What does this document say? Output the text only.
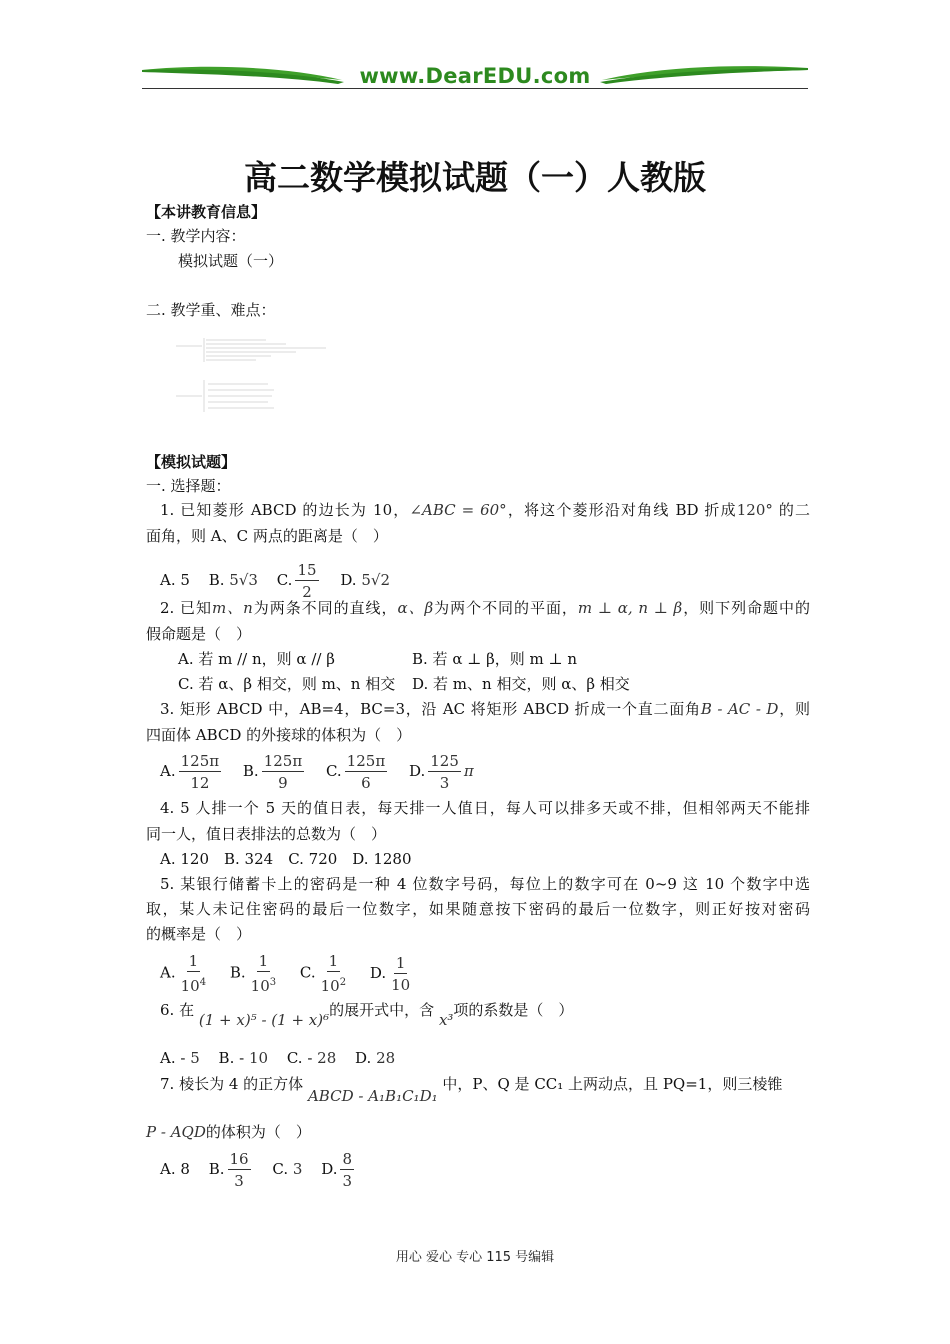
www.DearEDU.com
高二数学模拟试题（一）人教版
【本讲教育信息】
一. 教学内容：
模拟试题（一）
二. 教学重、难点：
【模拟试题】
一. 选择题：
1. 已知菱形 ABCD 的边长为 10，∠ABC = 60°，将这个菱形沿对角线 BD 折成120° 的二
面角，则 A、C 两点的距离是（　）
A. 5 B. 5√3 C. $\frac{15}{2} D$. 5√2
2. 已知m、n为两条不同的直线，α、β为两个不同的平面，m ⊥ α, n ⊥ β，则下列命题中的
假命题是（　）
A. 若 m // n，则 α // β	B. 若 α ⊥ β，则 m ⊥ n
C. 若 α、β 相交，则 m、n 相交 D. 若 m、n 相交，则 α、β 相交
3. 矩形 ABCD 中，AB=4，BC=3，沿 AC 将矩形 ABCD 折成一个直二面角B - AC - D，则
四面体 ABCD 的外接球的体积为（　）
A. $\frac{125\pi}{12} B$. $\frac{125\pi}{9} C$. $\frac{125\pi}{6} D$. $\frac{125}{3}$ π
4. 5 人排一个 5 天的值日表，每天排一人值日，每人可以排多天或不排，但相邻两天不能排
同一人，值日表排法的总数为（　）
A. 120　B. 324　C. 720　D. 1280
5. 某银行储蓄卡上的密码是一种 4 位数字号码，每位上的数字可在 0~9 这 10 个数字中选
取，某人未记住密码的最后一位数字，如果随意按下密码的最后一位数字，则正好按对密码
的概率是（　）
A. $\frac{1}{10^4} B$. $\frac{1}{10^3} C$. $\frac{1}{10^2} D$. $\frac{1}{10}$
6. 在 (1 + x)⁵ - (1 + x)⁶的展开式中，含 x³项的系数是（　）
A. - 5 B. - 10 C. - 28 D. 28
7. 棱长为 4 的正方体 ABCD - A₁B₁C₁D₁ 中，P、Q 是 CC₁ 上两动点，且 PQ=1，则三棱锥
P - AQD的体积为（　）
A. 8 B. $\frac{16}{3} C$. 3 D. $\frac{8}{3}$
用心 爱心 专心 115 号编辑
